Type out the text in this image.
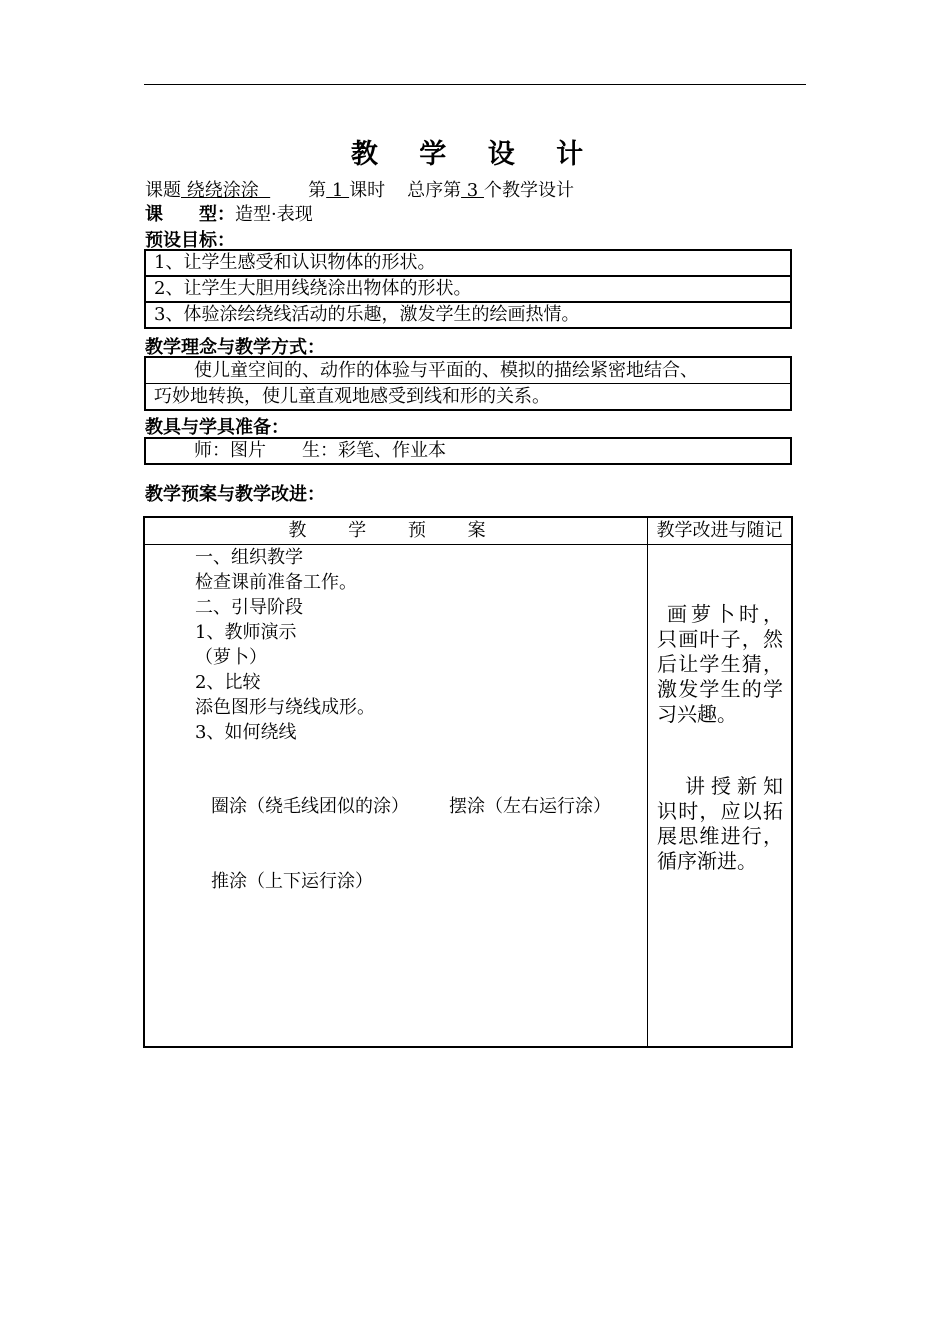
教 学 设 计
课题 绕绕涂涂  第 1 课时 总序第 3 个教学设计
课　　型：造型·表现
预设目标：
1、让学生感受和认识物体的形状。
2、让学生大胆用线绕涂出物体的形状。
3、体验涂绘绕线活动的乐趣，激发学生的绘画热情。
教学理念与教学方式：
使儿童空间的、动作的体验与平面的、模拟的描绘紧密地结合、
巧妙地转换，使儿童直观地感受到线和形的关系。
教具与学具准备：
师：图片　　生：彩笔、作业本
教学预案与教学改进：
教 学 预 案	教学改进与随记
一、组织教学
检查课前准备工作。
二、引导阶段
1、教师演示
（萝卜）
2、比较
添色图形与绕线成形。
3、如何绕线
圈涂（绕毛线团似的涂） 摆涂（左右运行涂）
推涂（上下运行涂）
画萝卜时，只画叶子，然后让学生猜，激发学生的学习兴趣。
讲授新知识时，应以拓展思维进行，循序渐进。
